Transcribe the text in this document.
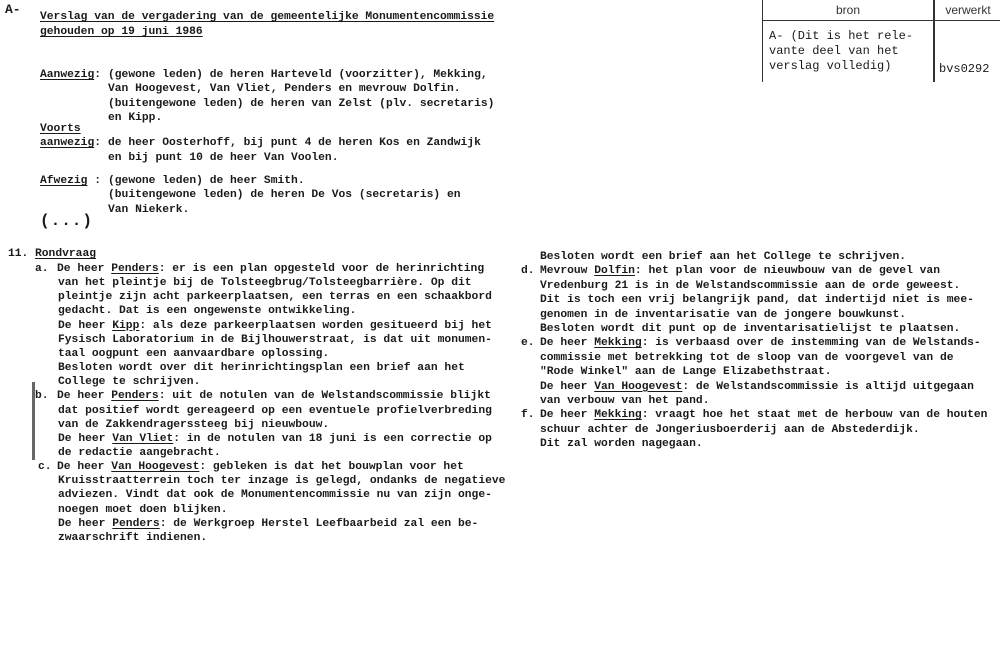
A-	bron	verwerkt
A- (Dit is het rele-
vante deel van het
verslag volledig)	bvs0292
(...)
11. Rondvraag
Verslag van de vergadering van de gemeentelijke Monumentencommissie
gehouden op 19 juni 1986
Aanwezig: (gewone leden) de heren Harteveld (voorzitter), Mekking,
Van Hoogevest, Van Vliet, Penders en mevrouw Dolfin.
(buitengewone leden) de heren van Zelst (plv. secretaris)
en Kipp.
Voorts
aanwezig: de heer Oosterhoff, bij punt 4 de heren Kos en Zandwijk
en bij punt 10 de heer Van Voolen.
Afwezig : (gewone leden) de heer Smith.
(buitengewone leden) de heren De Vos (secretaris) en
Van Niekerk.
a. De heer Penders: er is een plan opgesteld voor de herinrichting
van het pleintje bij de Tolsteegbrug/Tolsteegbarrière. Op dit
pleintje zijn acht parkeerplaatsen, een terras en een schaakbord
gedacht. Dat is een ongewenste ontwikkeling.
De heer Kipp: als deze parkeerplaatsen worden gesitueerd bij het
Fysisch Laboratorium in de Bijlhouwerstraat, is dat uit monumen-
taal oogpunt een aanvaardbare oplossing.
Besloten wordt over dit herinrichtingsplan een brief aan het
College te schrijven.
b. De heer Penders: uit de notulen van de Welstandscommissie blijkt
dat positief wordt gereageerd op een eventuele profielverbreding
van de Zakkendragerssteeg bij nieuwbouw.
De heer Van Vliet: in de notulen van 18 juni is een correctie op
de redactie aangebracht.
c. De heer Van Hoogevest: gebleken is dat het bouwplan voor het
Kruisstraatterrein toch ter inzage is gelegd, ondanks de negatieve
adviezen. Vindt dat ook de Monumentencommissie nu van zijn onge-
noegen moet doen blijken.
De heer Penders: de Werkgroep Herstel Leefbaarbeid zal een be-
zwaarschrift indienen.
Besloten wordt een brief aan het College te schrijven.
d. Mevrouw Dolfin: het plan voor de nieuwbouw van de gevel van
Vredenburg 21 is in de Welstandscommissie aan de orde geweest.
Dit is toch een vrij belangrijk pand, dat indertijd niet is mee-
genomen in de inventarisatie van de jongere bouwkunst.
Besloten wordt dit punt op de inventarisatielijst te plaatsen.
e. De heer Mekking: is verbaasd over de instemming van de Welstands-
commissie met betrekking tot de sloop van de voorgevel van de
"Rode Winkel" aan de Lange Elizabethstraat.
De heer Van Hoogevest: de Welstandscommissie is altijd uitgegaan
van verbouw van het pand.
f. De heer Mekking: vraagt hoe het staat met de herbouw van de houten
schuur achter de Jongeriusboerderij aan de Abstederdijk.
Dit zal worden nagegaan.
